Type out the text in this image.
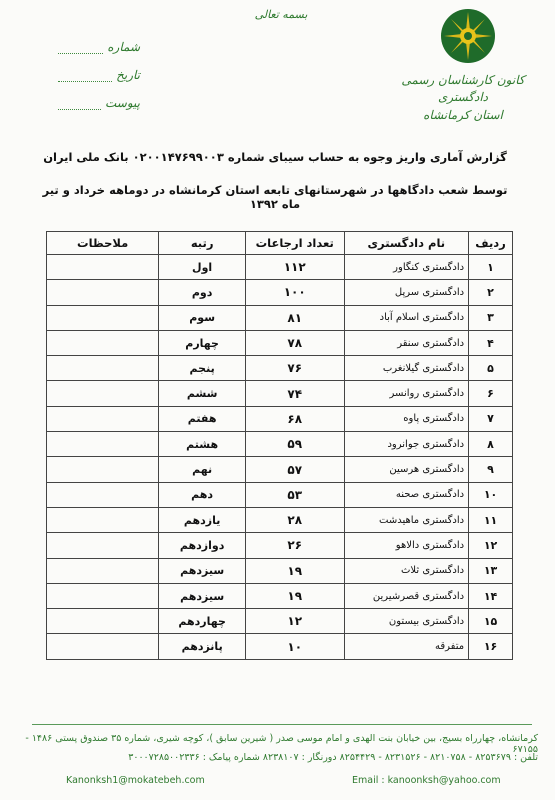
بسمه تعالی
کانون کارشناسان رسمی دادگستری
استان کرمانشاه
شماره
تاریخ
پیوست
گزارش آماری واریز وجوه به حساب سیبای شماره ۰۲۰۰۱۴۷۶۹۹۰۰۳ بانک ملی ایران
توسط شعب دادگاهها در شهرستانهای تابعه استان کرمانشاه در دوماهه خرداد و تیر ماه ۱۳۹۲
ردیف	نام دادگستری	تعداد ارجاعات	رتبه	ملاحظات
۱	دادگستری کنگاور	۱۱۲	اول	
۲	دادگستری سرپل	۱۰۰	دوم	
۳	دادگستری اسلام آباد	۸۱	سوم	
۴	دادگستری سنقر	۷۸	چهارم	
۵	دادگستری گیلانغرب	۷۶	پنجم	
۶	دادگستری روانسر	۷۴	ششم	
۷	دادگستری پاوه	۶۸	هفتم	
۸	دادگستری جوانرود	۵۹	هشتم	
۹	دادگستری هرسین	۵۷	نهم	
۱۰	دادگستری صحنه	۵۳	دهم	
۱۱	دادگستری ماهیدشت	۲۸	یازدهم	
۱۲	دادگستری دالاهو	۲۶	دوازدهم	
۱۳	دادگستری ثلاث	۱۹	سیزدهم	
۱۴	دادگستری قصرشیرین	۱۹	سیزدهم	
۱۵	دادگستری بیستون	۱۲	چهاردهم	
۱۶	متفرقه	۱۰	پانزدهم	
کرمانشاه، چهارراه بسیج، بین خیابان بنت الهدی و امام موسی صدر ( شیرین سابق )، کوچه شیری، شماره ۳۵ صندوق پستی ۱۴۸۶ - ۶۷۱۵۵
تلفن : ۸۲۵۳۶۷۹ - ۸۲۱۰۷۵۸ - ۸۲۳۱۵۲۶ - ۸۲۵۴۴۲۹ دورنگار : ۸۲۳۸۱۰۷ شماره پیامک : ۳۰۰۰۷۲۸۵۰۰۲۳۳۶
Kanonksh1@mokatebeh.com	Email : kanoonksh@yahoo.com
